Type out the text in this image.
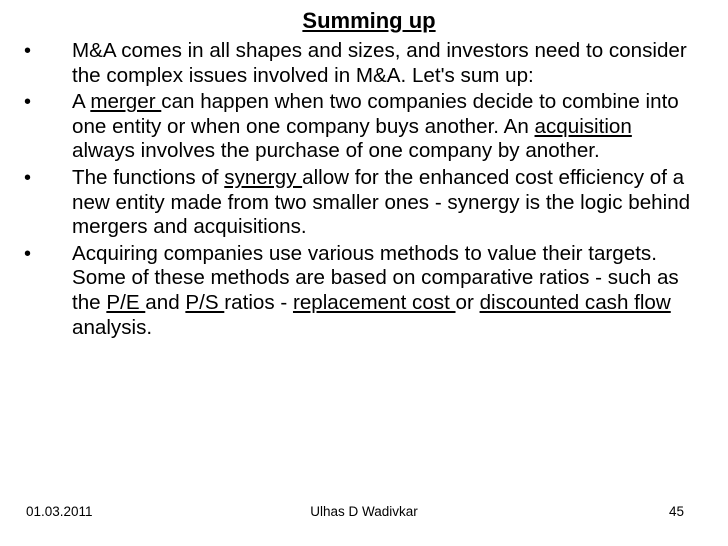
Summing up
•	M&A comes in all shapes and sizes, and investors need to consider the complex issues involved in M&A. Let's sum up:
•	A merger can happen when two companies decide to combine into one entity or when one company buys another. An acquisition always involves the purchase of one company by another.
•	The functions of synergy allow for the enhanced cost efficiency of a new entity made from two smaller ones - synergy is the logic behind mergers and acquisitions.
•	Acquiring companies use various methods to value their targets. Some of these methods are based on comparative ratios - such as the P/E and P/S ratios - replacement cost or discounted cash flow analysis.
01.03.2011	Ulhas D Wadivkar	45
